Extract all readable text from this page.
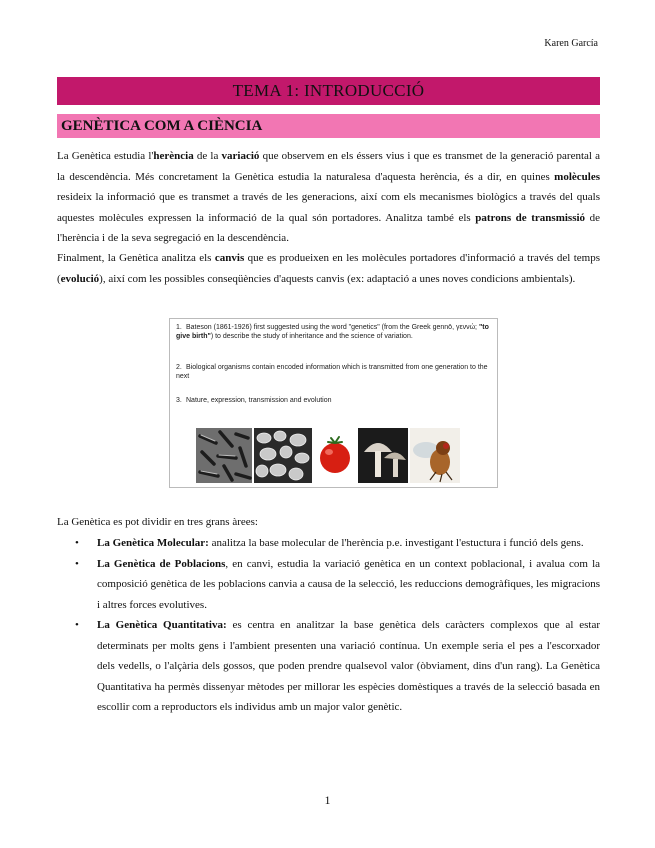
Karen García
TEMA 1: INTRODUCCIÓ
GENÈTICA COM A CIÈNCIA
La Genètica estudia l'herència de la variació que observem en els éssers vius i que es transmet de la generació parental a la descendència. Més concretament la Genètica estudia la naturalesa d'aquesta herència, és a dir, en quines molècules resideix la informació que es transmet a través de les generacions, així com els mecanismes biològics a través del quals aquestes molècules expressen la informació de la qual són portadores. Analitza també els patrons de transmissió de l'herència i de la seva segregació en la descendència.
Finalment, la Genètica analitza els canvis que es produeixen en les molècules portadores d'informació a través del temps (evolució), així com les possibles conseqüències d'aquests canvis (ex: adaptació a unes noves condicions ambientals).
1. Bateson (1861-1926) first suggested using the word "genetics" (from the Greek gennō, γεννώ; "to give birth") to describe the study of inheritance and the science of variation.
2. Biological organisms contain encoded information which is transmitted from one generation to the next
3. Nature, expression, transmission and evolution
La Genètica es pot dividir en tres grans àrees:
• La Genètica Molecular: analitza la base molecular de l'herència p.e. investigant l'estuctura i funció dels gens.
• La Genètica de Poblacions, en canvi, estudia la variació genètica en un context poblacional, i avalua com la composició genètica de les poblacions canvia a causa de la selecció, les reduccions demogràfiques, les migracions i altres forces evolutives.
• La Genètica Quantitativa: es centra en analitzar la base genètica dels caràcters complexos que al estar determinats per molts gens i l'ambient presenten una variació contínua. Un exemple seria el pes a l'escorxador dels vedells, o l'alçària dels gossos, que poden prendre qualsevol valor (òbviament, dins d'un rang). La Genètica Quantitativa ha permès dissenyar mètodes per millorar les espècies domèstiques a través de la selecció basada en escollir com a reproductors els individus amb un major valor genètic.
1
